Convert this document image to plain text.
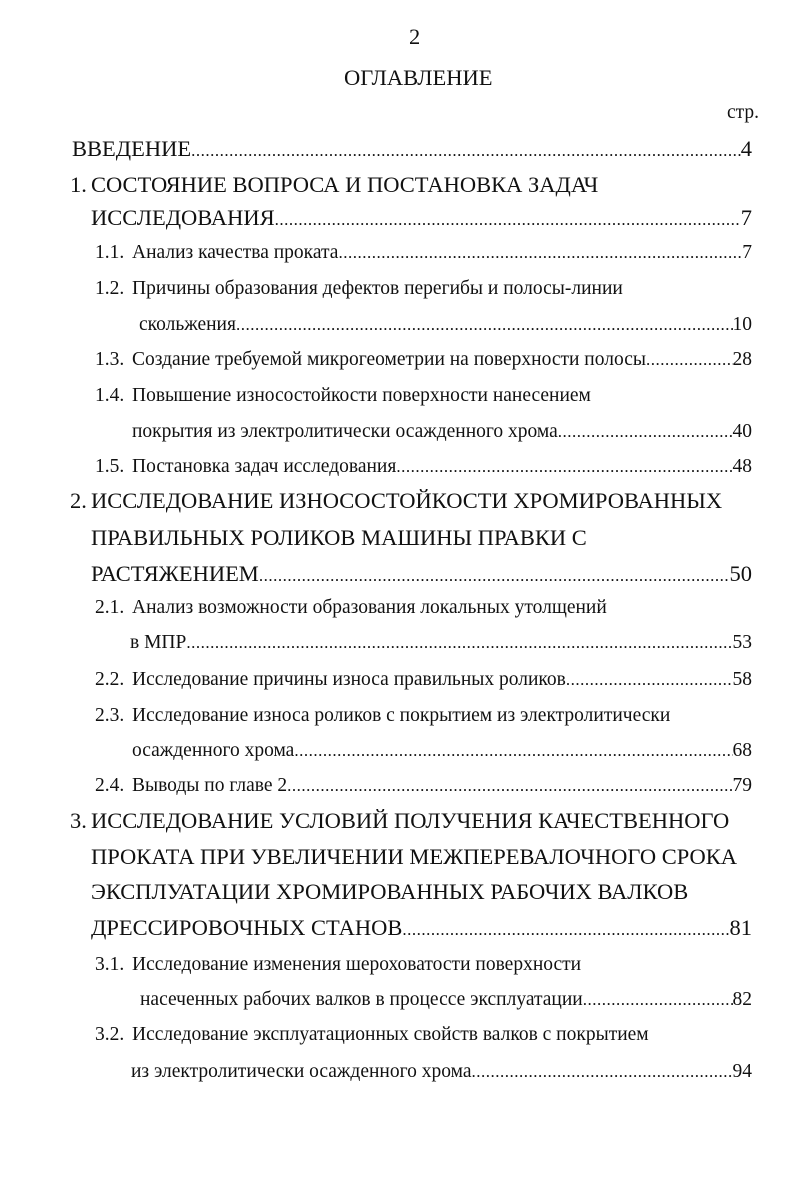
2
ОГЛАВЛЕНИЕ
стр.
ВВЕДЕНИЕ .....	4
1. СОСТОЯНИЕ ВОПРОСА И ПОСТАНОВКА ЗАДАЧ
ИССЛЕДОВАНИЯ .....	7
1.1. Анализ качества проката .....	7
1.2. Причины образования дефектов перегибы и полосы-линии
скольжения .....	10
1.3. Создание требуемой микрогеометрии на поверхности полосы .....	28
1.4. Повышение износостойкости поверхности нанесением
покрытия из электролитически осажденного хрома .....	40
1.5. Постановка задач исследования .....	48
2. ИССЛЕДОВАНИЕ ИЗНОСОСТОЙКОСТИ ХРОМИРОВАННЫХ
ПРАВИЛЬНЫХ РОЛИКОВ МАШИНЫ ПРАВКИ С
РАСТЯЖЕНИЕМ .....	50
2.1. Анализ возможности образования локальных утолщений
в МПР .....	53
2.2. Исследование причины износа правильных роликов .....	58
2.3. Исследование износа роликов с покрытием из электролитически
осажденного хрома .....	68
2.4. Выводы по главе 2 .....	79
3. ИССЛЕДОВАНИЕ УСЛОВИЙ ПОЛУЧЕНИЯ КАЧЕСТВЕННОГО
ПРОКАТА ПРИ УВЕЛИЧЕНИИ МЕЖПЕРЕВАЛОЧНОГО СРОКА
ЭКСПЛУАТАЦИИ ХРОМИРОВАННЫХ РАБОЧИХ ВАЛКОВ
ДРЕССИРОВОЧНЫХ СТАНОВ .....	81
3.1. Исследование изменения шероховатости поверхности
насеченных рабочих валков в процессе эксплуатации .....	82
3.2. Исследование эксплуатационных свойств валков с покрытием
из электролитически осажденного хрома .....	94
